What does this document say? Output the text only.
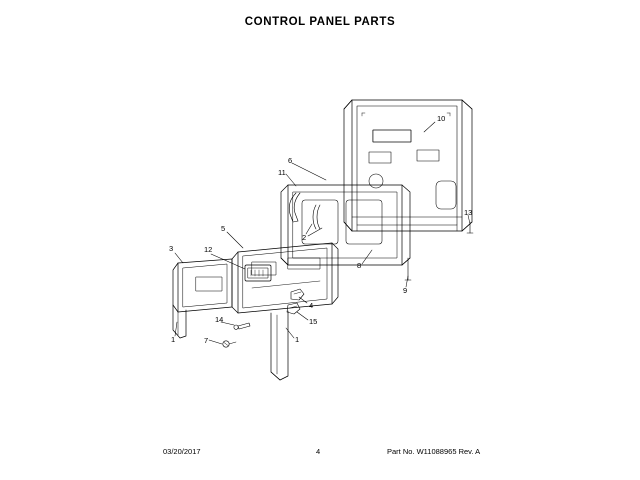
CONTROL PANEL PARTS
10
6
11
13
5
2
3	12
8
9
4
15
14
1	7	1
03/20/2017	4	Part No. W11088965 Rev. A
